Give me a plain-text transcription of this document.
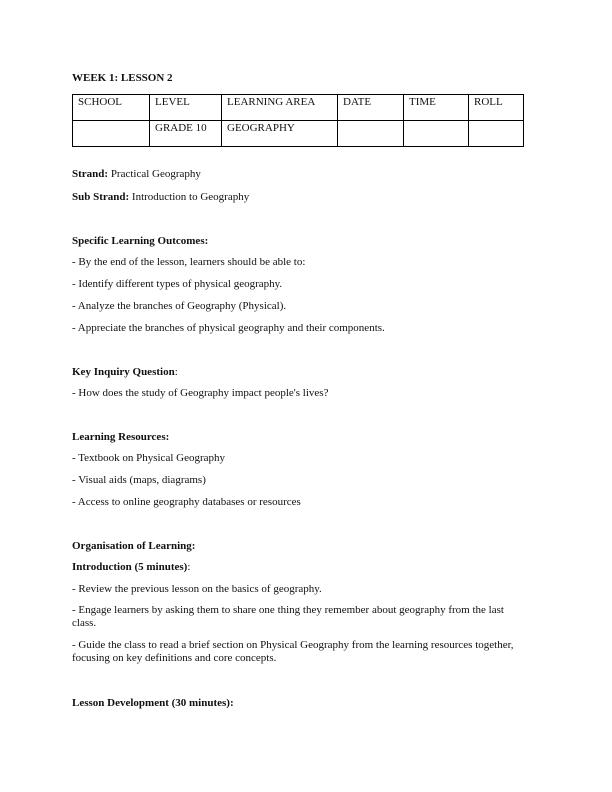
WEEK 1: LESSON 2
SCHOOL	LEVEL	LEARNING AREA	DATE	TIME	ROLL
	GRADE 10	GEOGRAPHY			
Strand: Practical Geography
Sub Strand: Introduction to Geography
Specific Learning Outcomes:
- By the end of the lesson, learners should be able to:
- Identify different types of physical geography.
- Analyze the branches of Geography (Physical).
- Appreciate the branches of physical geography and their components.
Key Inquiry Question:
- How does the study of Geography impact people's lives?
Learning Resources:
- Textbook on Physical Geography
- Visual aids (maps, diagrams)
- Access to online geography databases or resources
Organisation of Learning:
Introduction (5 minutes):
- Review the previous lesson on the basics of geography.
- Engage learners by asking them to share one thing they remember about geography from the last class.
- Guide the class to read a brief section on Physical Geography from the learning resources together, focusing on key definitions and core concepts.
Lesson Development (30 minutes):
